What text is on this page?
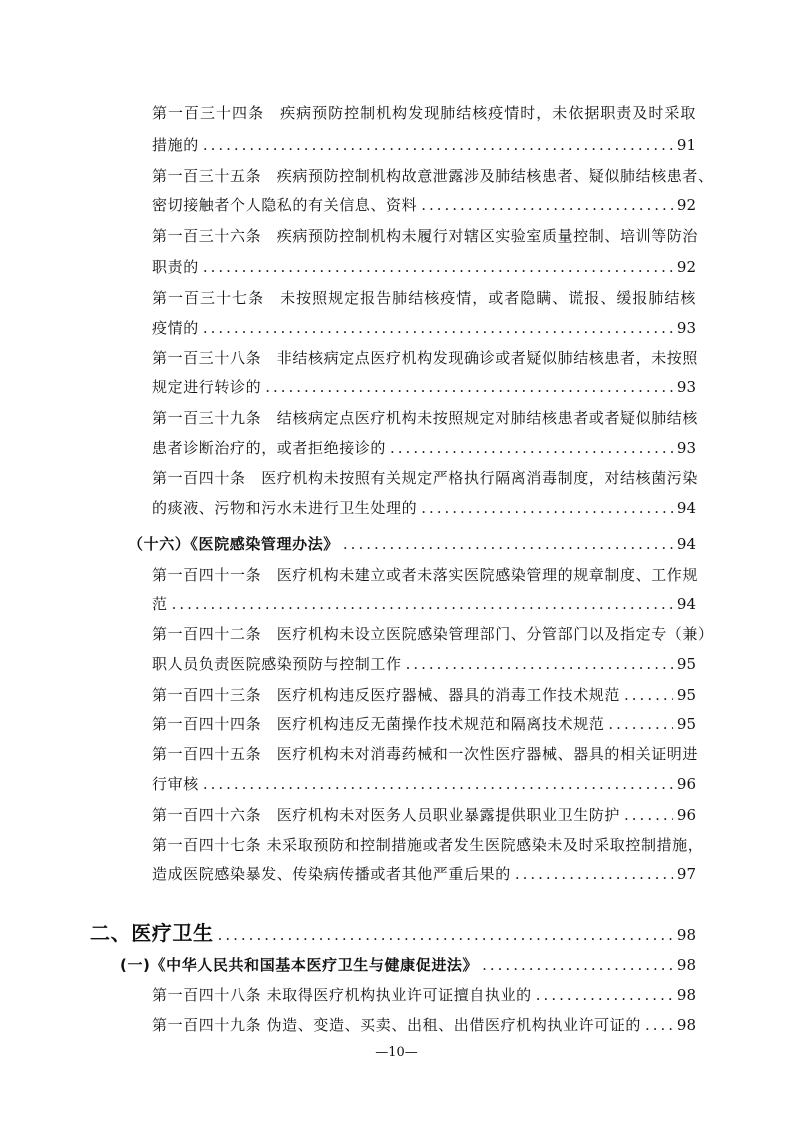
第一百三十四条　疾病预防控制机构发现肺结核疫情时，未依据职责及时采取
措施的 .....	91
第一百三十五条　疾病预防控制机构故意泄露涉及肺结核患者、疑似肺结核患者、
密切接触者个人隐私的有关信息、资料 .....	92
第一百三十六条　疾病预防控制机构未履行对辖区实验室质量控制、培训等防治
职责的 .....	92
第一百三十七条　未按照规定报告肺结核疫情，或者隐瞒、谎报、缓报肺结核
疫情的 .....	93
第一百三十八条　非结核病定点医疗机构发现确诊或者疑似肺结核患者，未按照
规定进行转诊的 .....	93
第一百三十九条　结核病定点医疗机构未按照规定对肺结核患者或者疑似肺结核
患者诊断治疗的，或者拒绝接诊的 .....	93
第一百四十条　医疗机构未按照有关规定严格执行隔离消毒制度，对结核菌污染
的痰液、污物和污水未进行卫生处理的 .....	94
（十六）《医院感染管理办法》 .....	94
第一百四十一条　医疗机构未建立或者未落实医院感染管理的规章制度、工作规
范 .....	94
第一百四十二条　医疗机构未设立医院感染管理部门、分管部门以及指定专（兼）
职人员负责医院感染预防与控制工作 .....	95
第一百四十三条　医疗机构违反医疗器械、器具的消毒工作技术规范 .....	95
第一百四十四条　医疗机构违反无菌操作技术规范和隔离技术规范 .....	95
第一百四十五条　医疗机构未对消毒药械和一次性医疗器械、器具的相关证明进
行审核 .....	96
第一百四十六条　医疗机构未对医务人员职业暴露提供职业卫生防护 .....	96
第一百四十七条 未采取预防和控制措施或者发生医院感染未及时采取控制措施，
造成医院感染暴发、传染病传播或者其他严重后果的 .....	97
二、医疗卫生 .....	98
(一)《中华人民共和国基本医疗卫生与健康促进法》 .....	98
第一百四十八条 未取得医疗机构执业许可证擅自执业的 .....	98
第一百四十九条 伪造、变造、买卖、出租、出借医疗机构执业许可证的 ..... 98
—10—
